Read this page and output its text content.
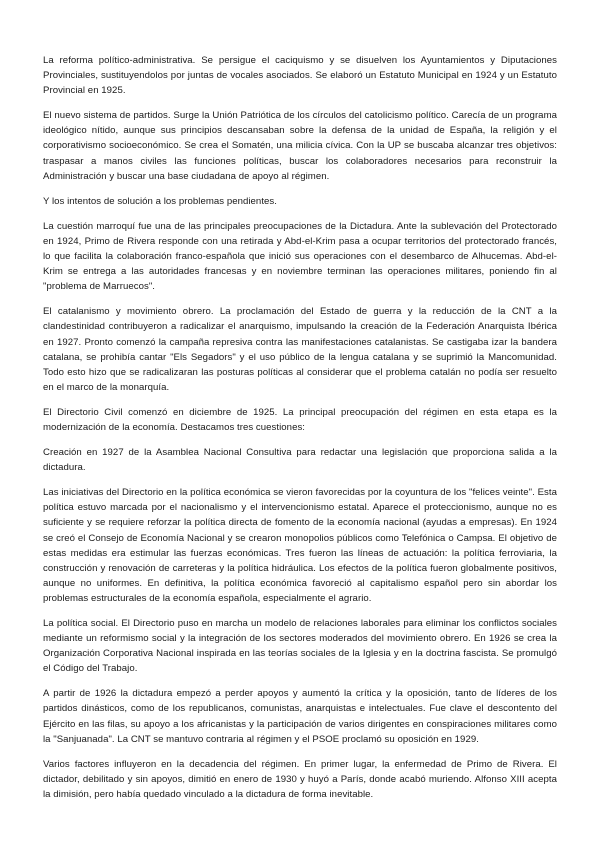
La reforma político-administrativa. Se persigue el caciquismo y se disuelven los Ayuntamientos y Diputaciones Provinciales, sustituyendolos por juntas de vocales asociados. Se elaboró un Estatuto Municipal en 1924 y un Estatuto Provincial en 1925.

El nuevo sistema de partidos. Surge la Unión Patriótica de los círculos del catolicismo político. Carecía de un programa ideológico nítido, aunque sus principios descansaban sobre la defensa de la unidad de España, la religión y el corporativismo socioeconómico. Se crea el Somatén, una milicia cívica. Con la UP se buscaba alcanzar tres objetivos: traspasar a manos civiles las funciones políticas, buscar los colaboradores necesarios para reconstruir la Administración y buscar una base ciudadana de apoyo al régimen.

Y los intentos de solución a los problemas pendientes.

La cuestión marroquí fue una de las principales preocupaciones de la Dictadura. Ante la sublevación del Protectorado en 1924, Primo de Rivera responde con una retirada y Abd-el-Krim pasa a ocupar territorios del protectorado francés, lo que facilita la colaboración franco-española que inició sus operaciones con el desembarco de Alhucemas. Abd-el-Krim se entrega a las autoridades francesas y en noviembre terminan las operaciones militares, poniendo fin al "problema de Marruecos".

El catalanismo y movimiento obrero. La proclamación del Estado de guerra y la reducción de la CNT a la clandestinidad contribuyeron a radicalizar el anarquismo, impulsando la creación de la Federación Anarquista Ibérica en 1927. Pronto comenzó la campaña represiva contra las manifestaciones catalanistas. Se castigaba izar la bandera catalana, se prohibía cantar "Els Segadors" y el uso público de la lengua catalana y se suprimió la Mancomunidad. Todo esto hizo que se radicalizaran las posturas políticas al considerar que el problema catalán no podía ser resuelto en el marco de la monarquía.

El Directorio Civil comenzó en diciembre de 1925. La principal preocupación del régimen en esta etapa es la modernización de la economía. Destacamos tres cuestiones:

Creación en 1927 de la Asamblea Nacional Consultiva para redactar una legislación que proporciona salida a la dictadura.

Las iniciativas del Directorio en la política económica se vieron favorecidas por la coyuntura de los "felices veinte". Esta política estuvo marcada por el nacionalismo y el intervencionismo estatal. Aparece el proteccionismo, aunque no es suficiente y se requiere reforzar la política directa de fomento de la economía nacional (ayudas a empresas). En 1924 se creó el Consejo de Economía Nacional y se crearon monopolios públicos como Telefónica o Campsa. El objetivo de estas medidas era estimular las fuerzas económicas. Tres fueron las líneas de actuación: la política ferroviaria, la construcción y renovación de carreteras y la política hidráulica. Los efectos de la política fueron globalmente positivos, aunque no uniformes. En definitiva, la política económica favoreció al capitalismo español pero sin abordar los problemas estructurales de la economía española, especialmente el agrario.

La política social. El Directorio puso en marcha un modelo de relaciones laborales para eliminar los conflictos sociales mediante un reformismo social y la integración de los sectores moderados del movimiento obrero. En 1926 se crea la Organización Corporativa Nacional inspirada en las teorías sociales de la Iglesia y en la doctrina fascista. Se promulgó el Código del Trabajo.

A partir de 1926 la dictadura empezó a perder apoyos y aumentó la crítica y la oposición, tanto de líderes de los partidos dinásticos, como de los republicanos, comunistas, anarquistas e intelectuales. Fue clave el descontento del Ejército en las filas, su apoyo a los africanistas y la participación de varios dirigentes en conspiraciones militares como la "Sanjuanada". La CNT se mantuvo contraria al régimen y el PSOE proclamó su oposición en 1929.

Varios factores influyeron en la decadencia del régimen. En primer lugar, la enfermedad de Primo de Rivera. El dictador, debilitado y sin apoyos, dimitió en enero de 1930 y huyó a París, donde acabó muriendo. Alfonso XIII acepta la dimisión, pero había quedado vinculado a la dictadura de forma inevitable.
